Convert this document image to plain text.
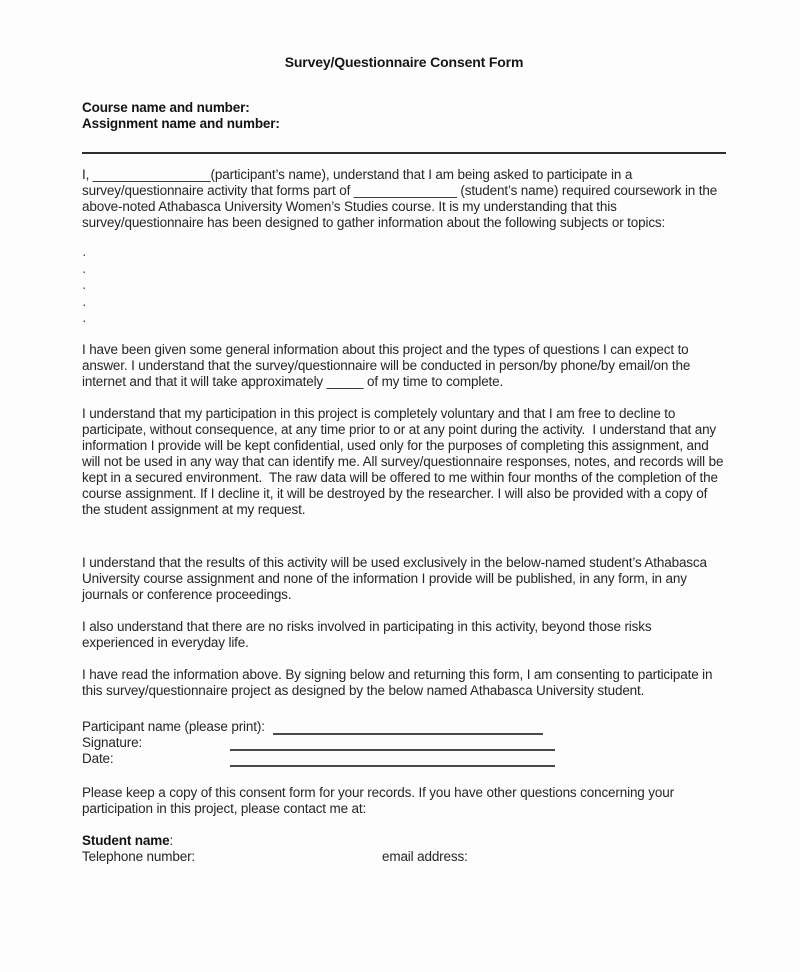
Survey/Questionnaire Consent Form
Course name and number:
Assignment name and number:
I, ________________(participant’s name), understand that I am being asked to participate in a survey/questionnaire activity that forms part of ______________ (student’s name) required coursework in the above-noted Athabasca University Women’s Studies course. It is my understanding that this survey/questionnaire has been designed to gather information about the following subjects or topics:
·
·
·
·
·
I have been given some general information about this project and the types of questions I can expect to answer. I understand that the survey/questionnaire will be conducted in person/by phone/by email/on the internet and that it will take approximately _____ of my time to complete.
I understand that my participation in this project is completely voluntary and that I am free to decline to participate, without consequence, at any time prior to or at any point during the activity.  I understand that any information I provide will be kept confidential, used only for the purposes of completing this assignment, and will not be used in any way that can identify me. All survey/questionnaire responses, notes, and records will be kept in a secured environment.  The raw data will be offered to me within four months of the completion of the course assignment. If I decline it, it will be destroyed by the researcher. I will also be provided with a copy of the student assignment at my request.
I understand that the results of this activity will be used exclusively in the below-named student’s Athabasca University course assignment and none of the information I provide will be published, in any form, in any journals or conference proceedings.
I also understand that there are no risks involved in participating in this activity, beyond those risks experienced in everyday life.
I have read the information above. By signing below and returning this form, I am consenting to participate in this survey/questionnaire project as designed by the below named Athabasca University student.
Participant name (please print):
Signature:
Date:
Please keep a copy of this consent form for your records. If you have other questions concerning your participation in this project, please contact me at:
Student name:
Telephone number:	email address:
